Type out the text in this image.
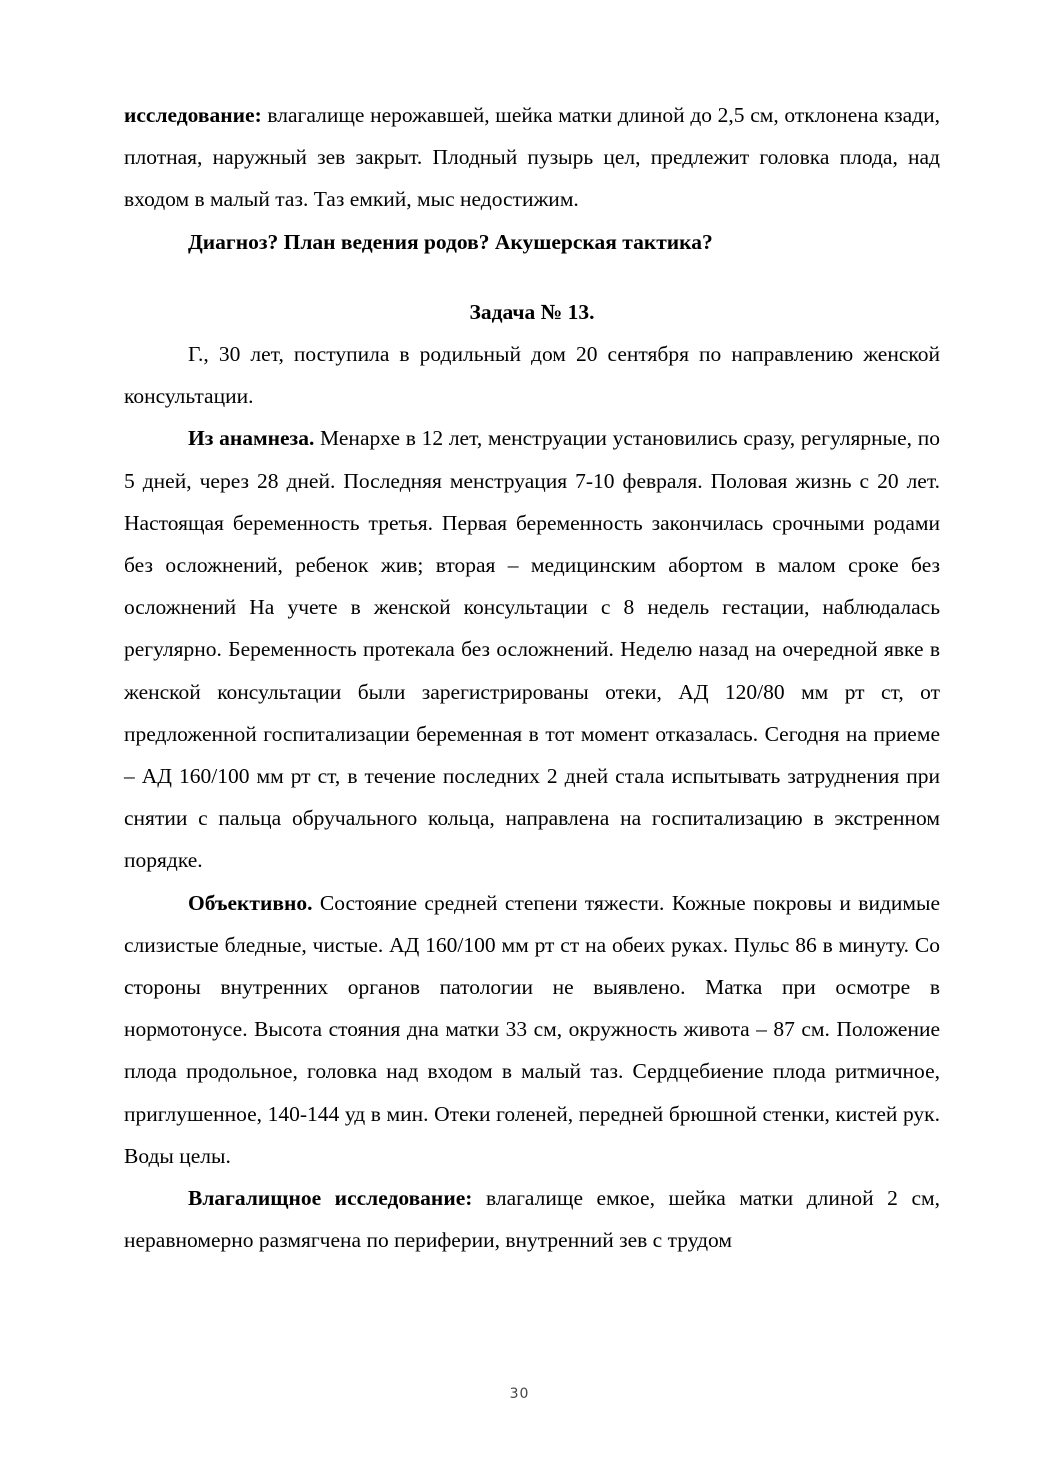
исследование: влагалище нерожавшей, шейка матки длиной до 2,5 см, отклонена кзади, плотная, наружный зев закрыт. Плодный пузырь цел, предлежит головка плода, над входом в малый таз. Таз емкий, мыс недостижим.

Диагноз? План ведения родов? Акушерская тактика?

Задача № 13.

Г., 30 лет, поступила в родильный дом 20 сентября по направлению женской консультации.

Из анамнеза. Менархе в 12 лет, менструации установились сразу, регулярные, по 5 дней, через 28 дней. Последняя менструация 7-10 февраля. Половая жизнь с 20 лет. Настоящая беременность третья. Первая беременность закончилась срочными родами без осложнений, ребенок жив; вторая – медицинским абортом в малом сроке без осложнений На учете в женской консультации с 8 недель гестации, наблюдалась регулярно. Беременность протекала без осложнений. Неделю назад на очередной явке в женской консультации были зарегистрированы отеки, АД 120/80 мм рт ст, от предложенной госпитализации беременная в тот момент отказалась. Сегодня на приеме – АД 160/100 мм рт ст, в течение последних 2 дней стала испытывать затруднения при снятии с пальца обручального кольца, направлена на госпитализацию в экстренном порядке.

Объективно. Состояние средней степени тяжести. Кожные покровы и видимые слизистые бледные, чистые. АД 160/100 мм рт ст на обеих руках. Пульс 86 в минуту. Со стороны внутренних органов патологии не выявлено. Матка при осмотре в нормотонусе. Высота стояния дна матки 33 см, окружность живота – 87 см. Положение плода продольное, головка над входом в малый таз. Сердцебиение плода ритмичное, приглушенное, 140-144 уд в мин. Отеки голеней, передней брюшной стенки, кистей рук. Воды целы.

Влагалищное исследование: влагалище емкое, шейка матки длиной 2 см, неравномерно размягчена по периферии, внутренний зев с трудом

30
